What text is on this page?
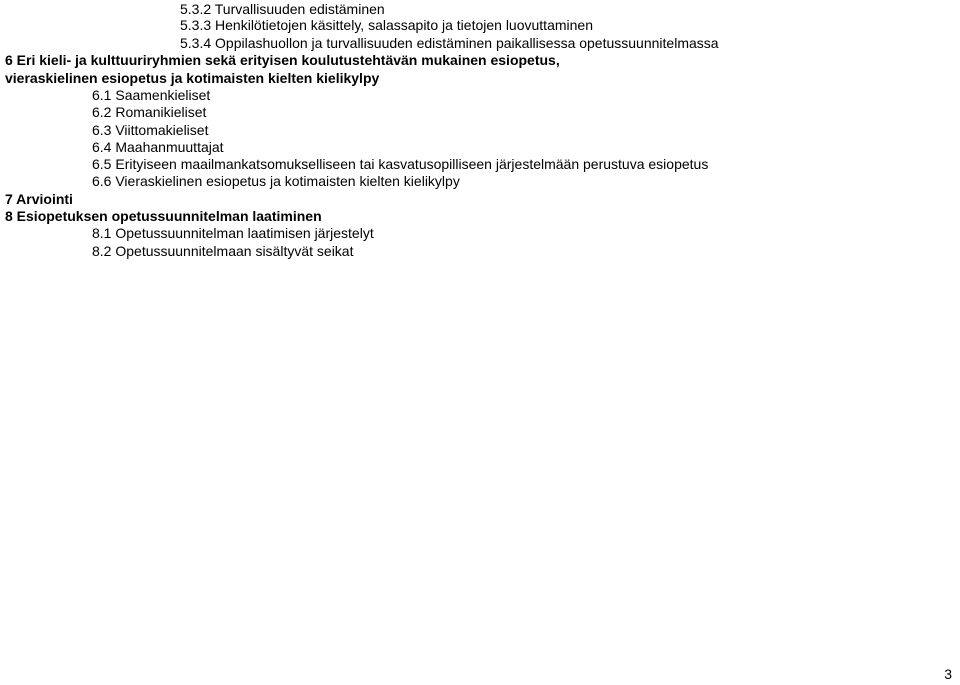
5.3.2 Turvallisuuden edistäminen
5.3.3 Henkilötietojen käsittely, salassapito ja tietojen luovuttaminen
5.3.4 Oppilashuollon ja turvallisuuden edistäminen paikallisessa opetussuunnitelmassa
6 Eri kieli- ja kulttuuriryhmien sekä erityisen koulutustehtävän mukainen esiopetus,
vieraskielinen esiopetus ja kotimaisten kielten kielikylpy
6.1 Saamenkieliset
6.2 Romanikieliset
6.3 Viittomakieliset
6.4 Maahanmuuttajat
6.5 Erityiseen maailmankatsomukselliseen tai kasvatusopilliseen järjestelmään perustuva esiopetus
6.6 Vieraskielinen esiopetus ja kotimaisten kielten kielikylpy
7 Arviointi
8 Esiopetuksen opetussuunnitelman laatiminen
8.1 Opetussuunnitelman laatimisen järjestelyt
8.2 Opetussuunnitelmaan sisältyvät seikat
3
